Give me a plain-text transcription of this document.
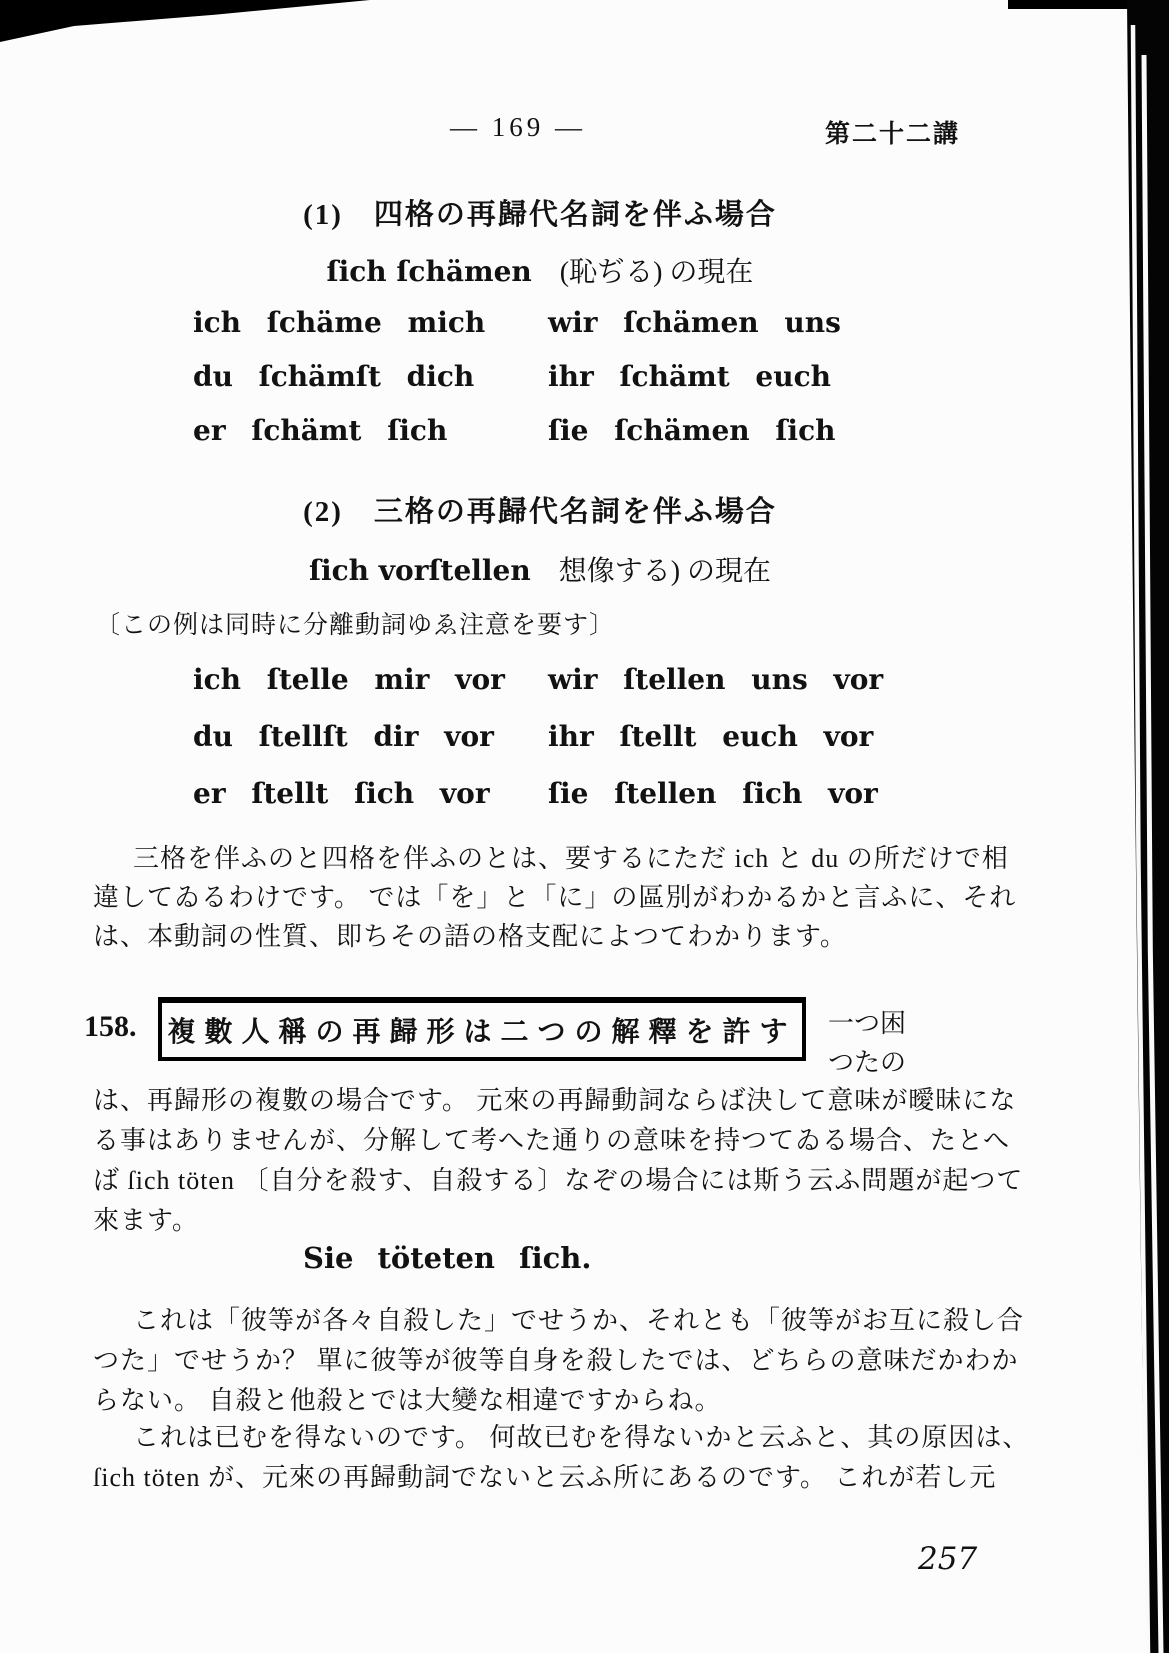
— 169 —	第二十二講
(1)　四格の再歸代名詞を伴ふ場合
ſich ſchämen　(恥ぢる) の現在
ich ſchäme mich wir ſchämen uns
du ſchämſt dich	ihr ſchämt euch
er ſchämt ſich	ſie ſchämen ſich
(2)　三格の再歸代名詞を伴ふ場合
ſich vorſtellen　想像する) の現在
〔この例は同時に分離動詞ゆゑ注意を要す〕
ich ſtelle mir vor wir ſtellen uns vor
du ſtellſt dir vor ihr ſtellt euch vor
er ſtellt ſich vor ſie ſtellen ſich vor
三格を伴ふのと四格を伴ふのとは、要するにただ ich と du の所だけで相
違してゐるわけです。 では「を」と「に」の區別がわかるかと言ふに、それ
は、本動詞の性質、即ちその語の格支配によつてわかります。
158. 複數人稱の再歸形は二つの解釋を許す 一つ困
つたの
は、再歸形の複數の場合です。 元來の再歸動詞ならば決して意味が曖昧にな
る事はありませんが、分解して考へた通りの意味を持つてゐる場合、たとへ
ば ſich töten 〔自分を殺す、自殺する〕なぞの場合には斯う云ふ問題が起つて
來ます。
Sie töteten ſich.
これは「彼等が各々自殺した」でせうか、それとも「彼等がお互に殺し合
つた」でせうか？ 單に彼等が彼等自身を殺したでは、どちらの意味だかわか
らない。 自殺と他殺とでは大變な相違ですからね。
これは已むを得ないのです。 何故已むを得ないかと云ふと、其の原因は、
ſich töten が、元來の再歸動詞でないと云ふ所にあるのです。 これが若し元
257
